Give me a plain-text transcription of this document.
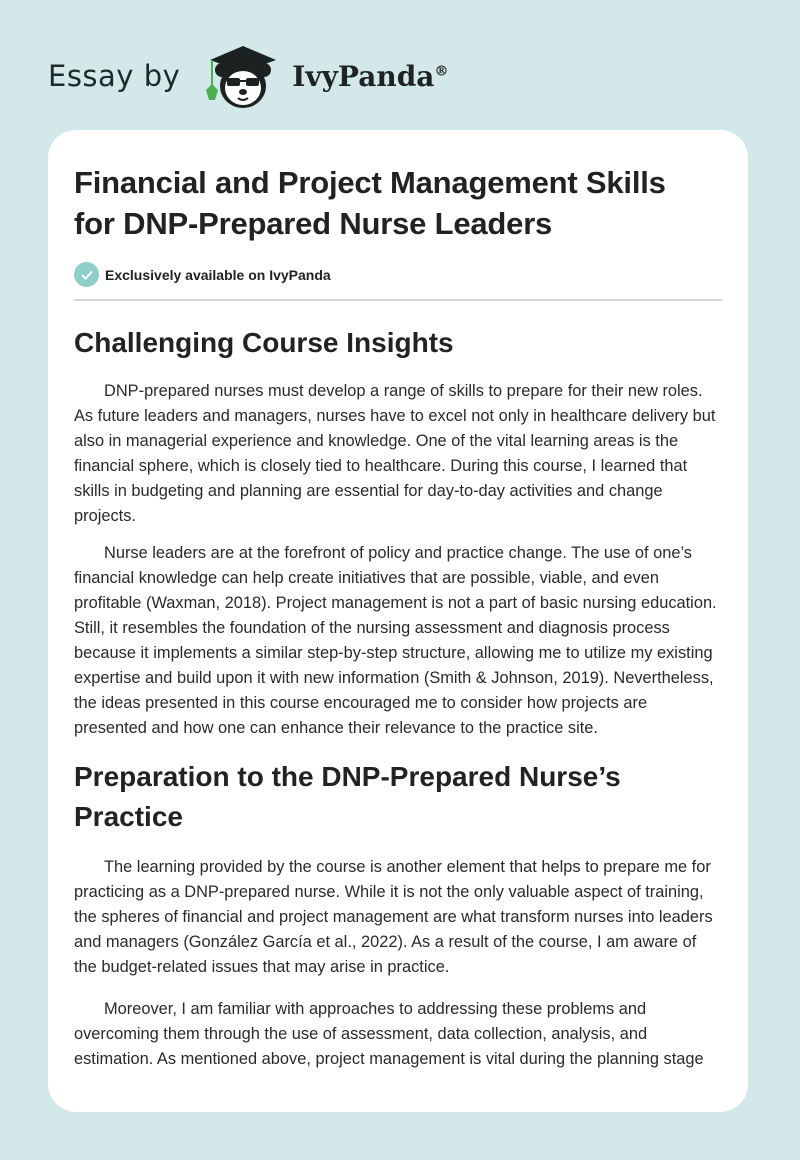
Essay by	IvyPanda®
Financial and Project Management Skills
for DNP-Prepared Nurse Leaders
Exclusively available on IvyPanda
Challenging Course Insights

DNP-prepared nurses must develop a range of skills to prepare for their new roles. As future leaders and managers, nurses have to excel not only in healthcare delivery but also in managerial experience and knowledge. One of the vital learning areas is the financial sphere, which is closely tied to healthcare. During this course, I learned that skills in budgeting and planning are essential for day-to-day activities and change projects.

Nurse leaders are at the forefront of policy and practice change. The use of one’s financial knowledge can help create initiatives that are possible, viable, and even profitable (Waxman, 2018). Project management is not a part of basic nursing education. Still, it resembles the foundation of the nursing assessment and diagnosis process because it implements a similar step-by-step structure, allowing me to utilize my existing expertise and build upon it with new information (Smith & Johnson, 2019). Nevertheless, the ideas presented in this course encouraged me to consider how projects are presented and how one can enhance their relevance to the practice site.

Preparation to the DNP-Prepared Nurse’s Practice

The learning provided by the course is another element that helps to prepare me for practicing as a DNP-prepared nurse. While it is not the only valuable aspect of training, the spheres of financial and project management are what transform nurses into leaders and managers (González García et al., 2022). As a result of the course, I am aware of the budget-related issues that may arise in practice.

Moreover, I am familiar with approaches to addressing these problems and overcoming them through the use of assessment, data collection, analysis, and estimation. As mentioned above, project management is vital during the planning stage
